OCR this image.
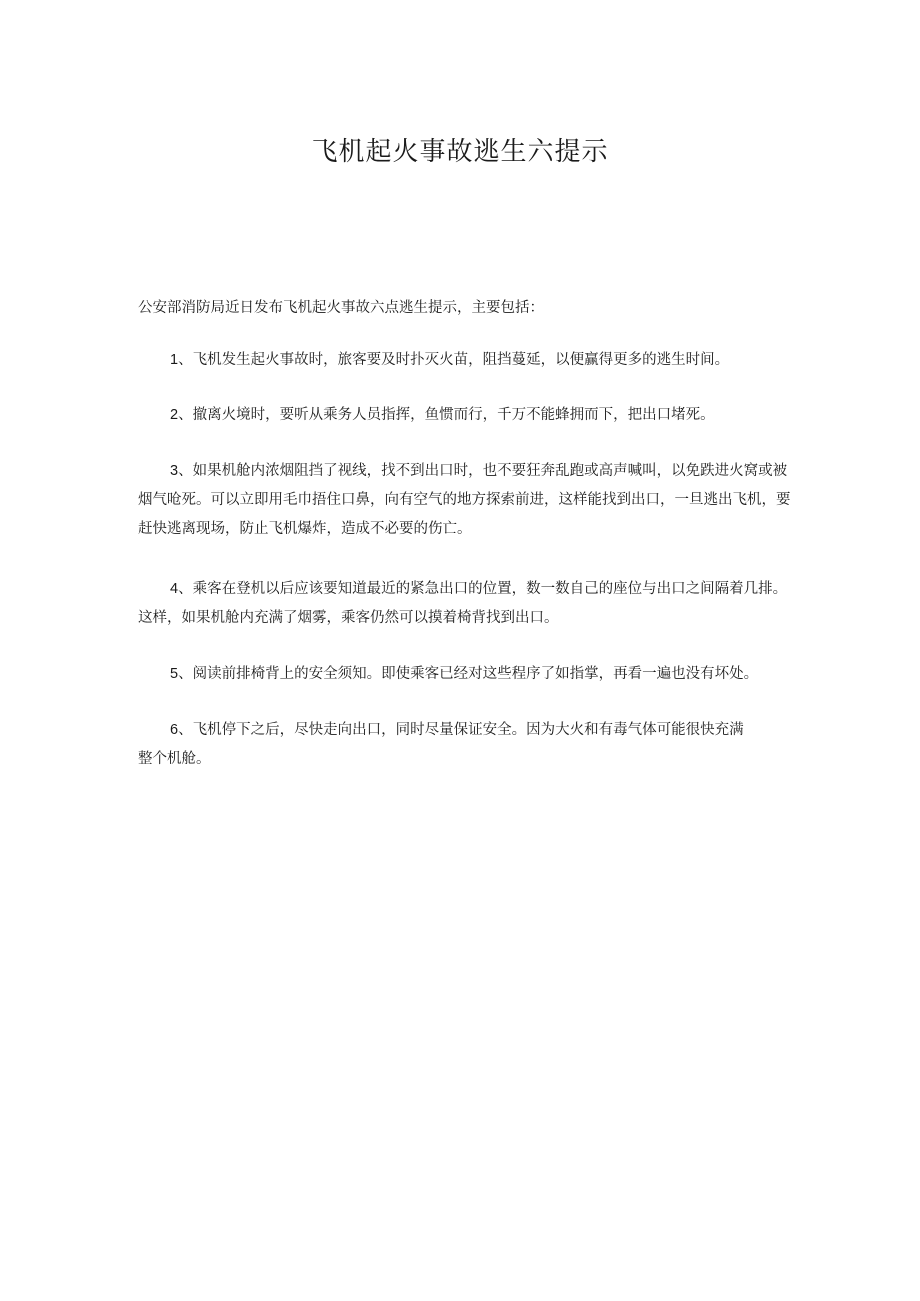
飞机起火事故逃生六提示

公安部消防局近日发布飞机起火事故六点逃生提示，主要包括：

1、飞机发生起火事故时，旅客要及时扑灭火苗，阻挡蔓延，以便赢得更多的逃生时间。

2、撤离火境时，要听从乘务人员指挥，鱼惯而行，千万不能蜂拥而下，把出口堵死。

3、如果机舱内浓烟阻挡了视线，找不到出口时，也不要狂奔乱跑或高声喊叫，以免跌进火窝或被烟气呛死。可以立即用毛巾捂住口鼻，向有空气的地方探索前进，这样能找到出口，一旦逃出飞机，要赶快逃离现场，防止飞机爆炸，造成不必要的伤亡。

4、乘客在登机以后应该要知道最近的紧急出口的位置，数一数自己的座位与出口之间隔着几排。这样，如果机舱内充满了烟雾，乘客仍然可以摸着椅背找到出口。

5、阅读前排椅背上的安全须知。即使乘客已经对这些程序了如指掌，再看一遍也没有坏处。

6、飞机停下之后，尽快走向出口，同时尽量保证安全。因为大火和有毒气体可能很快充满整个机舱。
